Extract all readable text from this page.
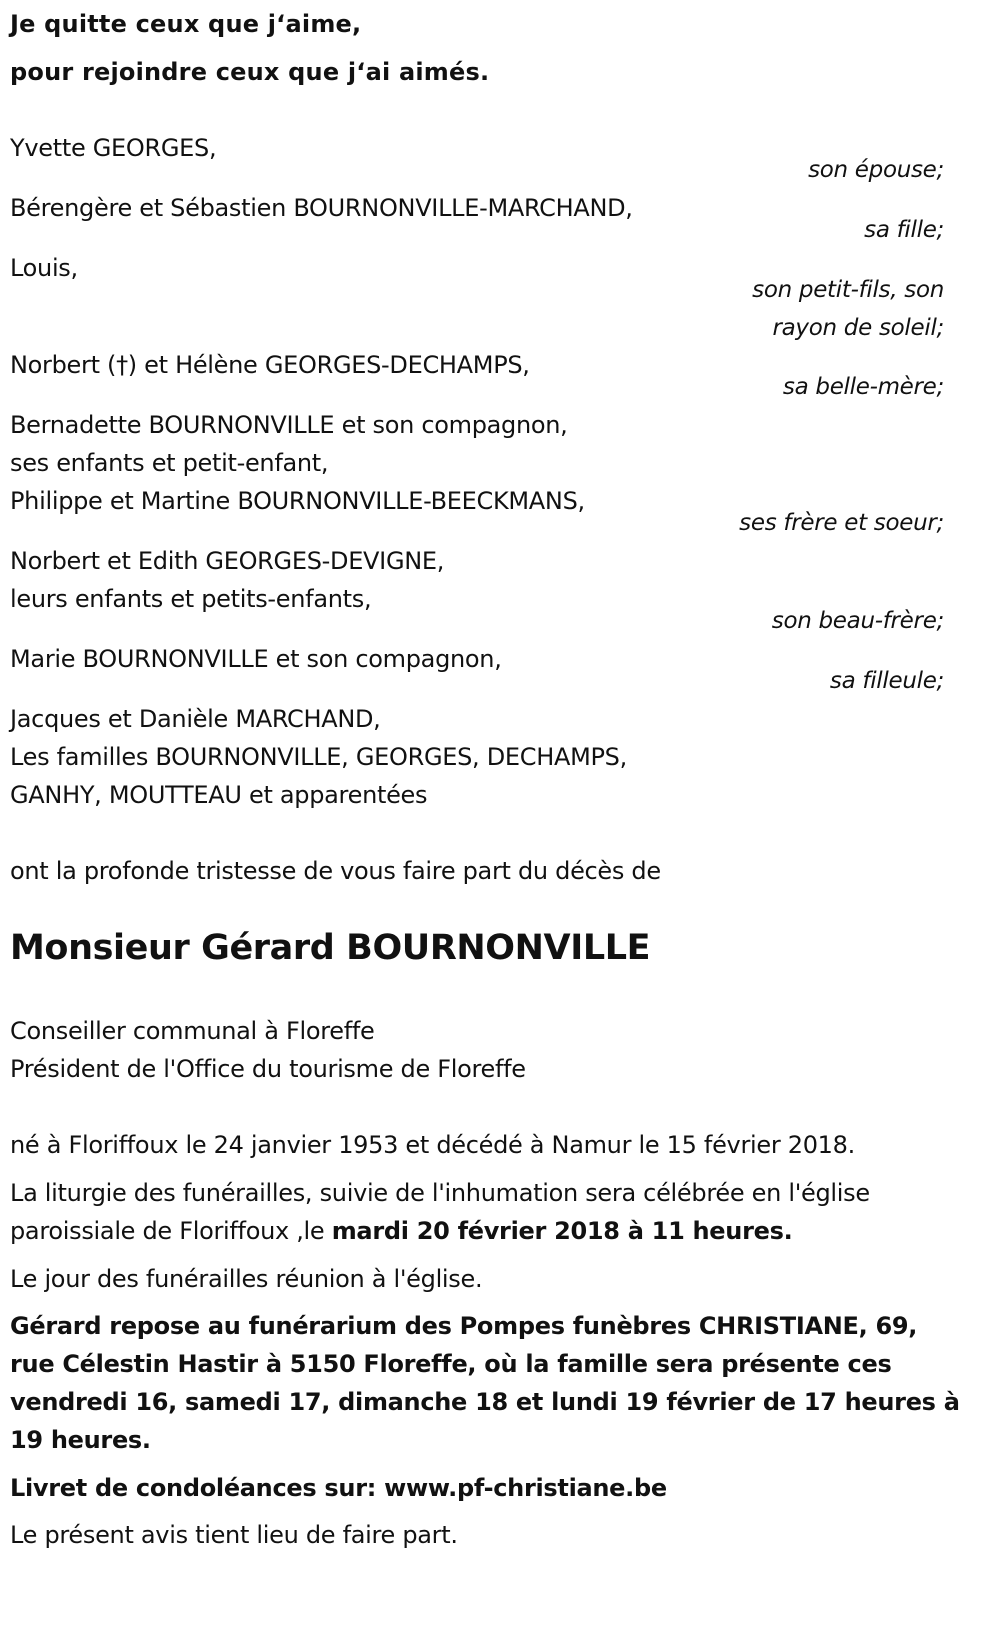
Je quitte ceux que j‘aime,
pour rejoindre ceux que j‘ai aimés.
Yvette GEORGES,
son épouse;
Bérengère et Sébastien BOURNONVILLE-MARCHAND,
sa fille;
Louis,
son petit-fils, son
rayon de soleil;
Norbert (†) et Hélène GEORGES-DECHAMPS,
sa belle-mère;
Bernadette BOURNONVILLE et son compagnon,
ses enfants et petit-enfant,
Philippe et Martine BOURNONVILLE-BEECKMANS,
ses frère et soeur;
Norbert et Edith GEORGES-DEVIGNE,
leurs enfants et petits-enfants,
son beau-frère;
Marie BOURNONVILLE et son compagnon,
sa filleule;
Jacques et Danièle MARCHAND,
Les familles BOURNONVILLE, GEORGES, DECHAMPS,
GANHY, MOUTTEAU et apparentées
ont la profonde tristesse de vous faire part du décès de
Monsieur Gérard BOURNONVILLE
Conseiller communal à Floreffe
Président de l'Office du tourisme de Floreffe
né à Floriffoux le 24 janvier 1953 et décédé à Namur le 15 février 2018.
La liturgie des funérailles, suivie de l'inhumation sera célébrée en l'église
paroissiale de Floriffoux ,le mardi 20 février 2018 à 11 heures.
Le jour des funérailles réunion à l'église.
Gérard repose au funérarium des Pompes funèbres CHRISTIANE, 69,
rue Célestin Hastir à 5150 Floreffe, où la famille sera présente ces
vendredi 16, samedi 17, dimanche 18 et lundi 19 février de 17 heures à
19 heures.
Livret de condoléances sur: www.pf-christiane.be
Le présent avis tient lieu de faire part.
